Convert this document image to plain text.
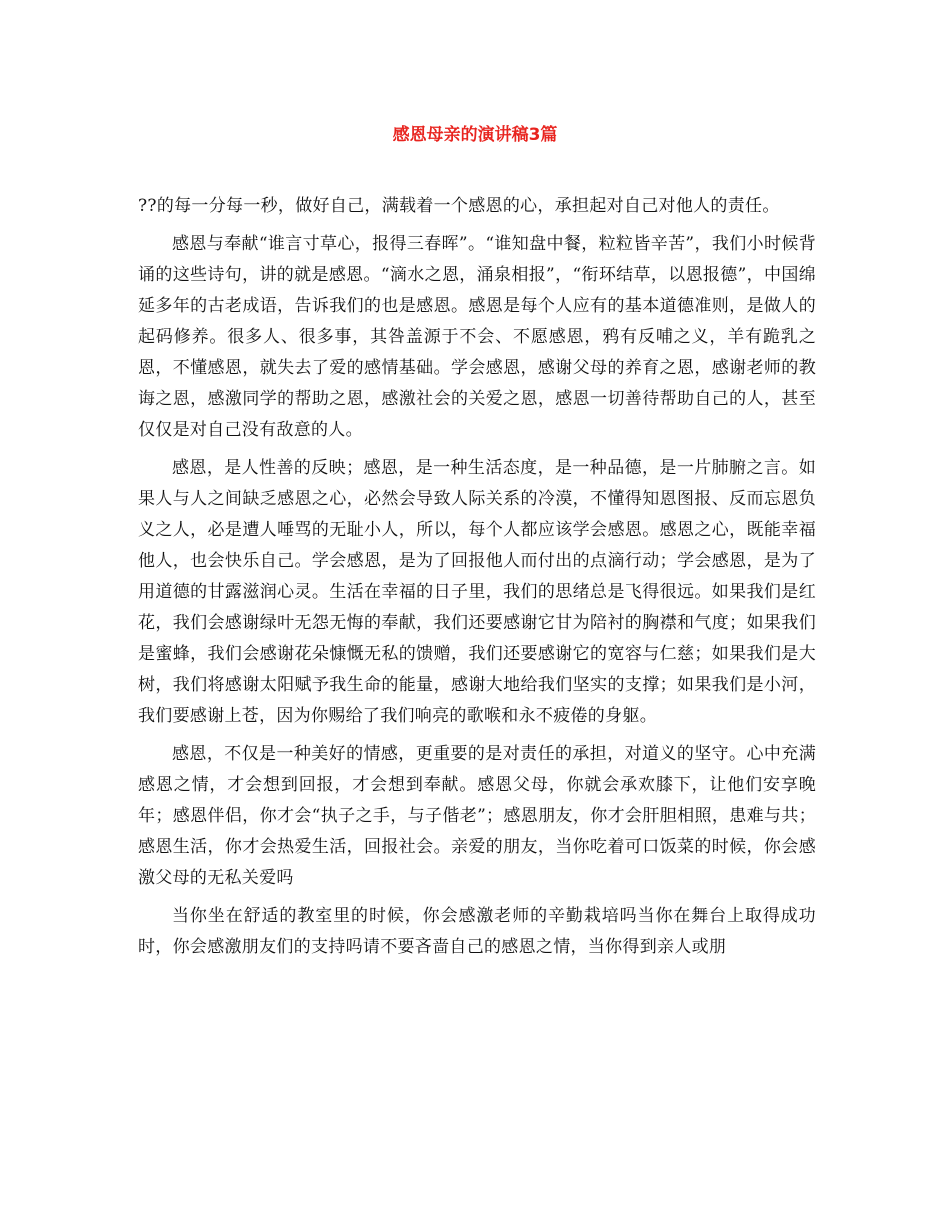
感恩母亲的演讲稿3篇

??的每一分每一秒，做好自己，满载着一个感恩的心，承担起对自己对他人的责任。

感恩与奉献“谁言寸草心，报得三春晖”。“谁知盘中餐，粒粒皆辛苦”，我们小时候背诵的这些诗句，讲的就是感恩。“滴水之恩，涌泉相报”，“衔环结草，以恩报德”，中国绵延多年的古老成语，告诉我们的也是感恩。感恩是每个人应有的基本道德准则，是做人的起码修养。很多人、很多事，其咎盖源于不会、不愿感恩，鸦有反哺之义，羊有跪乳之恩，不懂感恩，就失去了爱的感情基础。学会感恩，感谢父母的养育之恩，感谢老师的教诲之恩，感激同学的帮助之恩，感激社会的关爱之恩，感恩一切善待帮助自己的人，甚至仅仅是对自己没有敌意的人。

感恩，是人性善的反映；感恩，是一种生活态度，是一种品德，是一片肺腑之言。如果人与人之间缺乏感恩之心，必然会导致人际关系的冷漠，不懂得知恩图报、反而忘恩负义之人，必是遭人唾骂的无耻小人，所以，每个人都应该学会感恩。感恩之心，既能幸福他人，也会快乐自己。学会感恩，是为了回报他人而付出的点滴行动；学会感恩，是为了用道德的甘露滋润心灵。生活在幸福的日子里，我们的思绪总是飞得很远。如果我们是红花，我们会感谢绿叶无怨无悔的奉献，我们还要感谢它甘为陪衬的胸襟和气度；如果我们是蜜蜂，我们会感谢花朵慷慨无私的馈赠，我们还要感谢它的宽容与仁慈；如果我们是大树，我们将感谢太阳赋予我生命的能量，感谢大地给我们坚实的支撑；如果我们是小河，我们要感谢上苍，因为你赐给了我们响亮的歌喉和永不疲倦的身躯。

感恩，不仅是一种美好的情感，更重要的是对责任的承担，对道义的坚守。心中充满感恩之情，才会想到回报，才会想到奉献。感恩父母，你就会承欢膝下，让他们安享晚年；感恩伴侣，你才会“执子之手，与子偕老”；感恩朋友，你才会肝胆相照，患难与共；感恩生活，你才会热爱生活，回报社会。亲爱的朋友，当你吃着可口饭菜的时候，你会感激父母的无私关爱吗

当你坐在舒适的教室里的时候，你会感激老师的辛勤栽培吗当你在舞台上取得成功时，你会感激朋友们的支持吗请不要吝啬自己的感恩之情，当你得到亲人或朋
